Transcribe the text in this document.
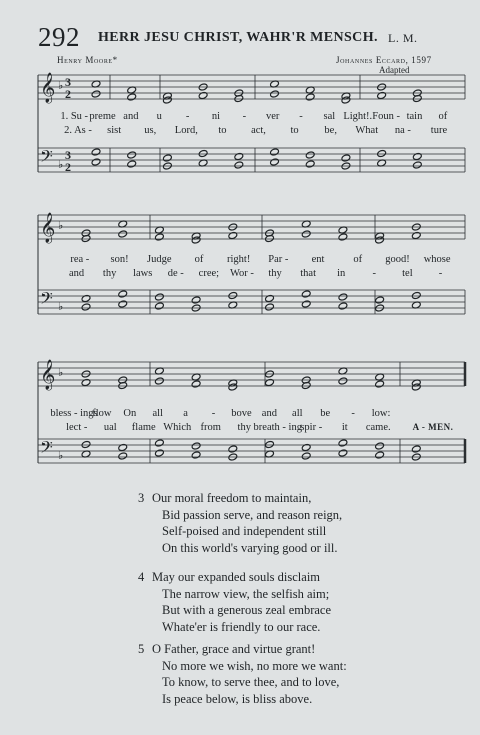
292 HERR JESU CHRIST, WAHR'R MENSCH. L. M.
Henry Moore*	Johannes Eccard, 1597
Adapted
𝄞
𝄢
♭
♭
3
2
3
2
𝄞
𝄢
♭
♭
𝄞
𝄢
♭
♭
1. Su - preme and u - ni - ver - sal Light!. Foun - tain of
2. As - sist us, Lord, to act, to be, What na - ture
rea - son! Judge of right! Par - ent	of good! whose
and thy laws de - cree; Wor - thy that in	- tel -
bless - ings
flow On all a - bove and all be - low:
lect - ual flame Which from thy breath - ing
spir - it came. A - MEN.
3 Our moral freedom to maintain,
Bid passion serve, and reason reign,
Self-poised and independent still
On this world's varying good or ill.
4 May our expanded souls disclaim
The narrow view, the selfish aim;
But with a generous zeal embrace
Whate'er is friendly to our race.
5 O Father, grace and virtue grant!
No more we wish, no more we want:
To know, to serve thee, and to love,
Is peace below, is bliss above.
